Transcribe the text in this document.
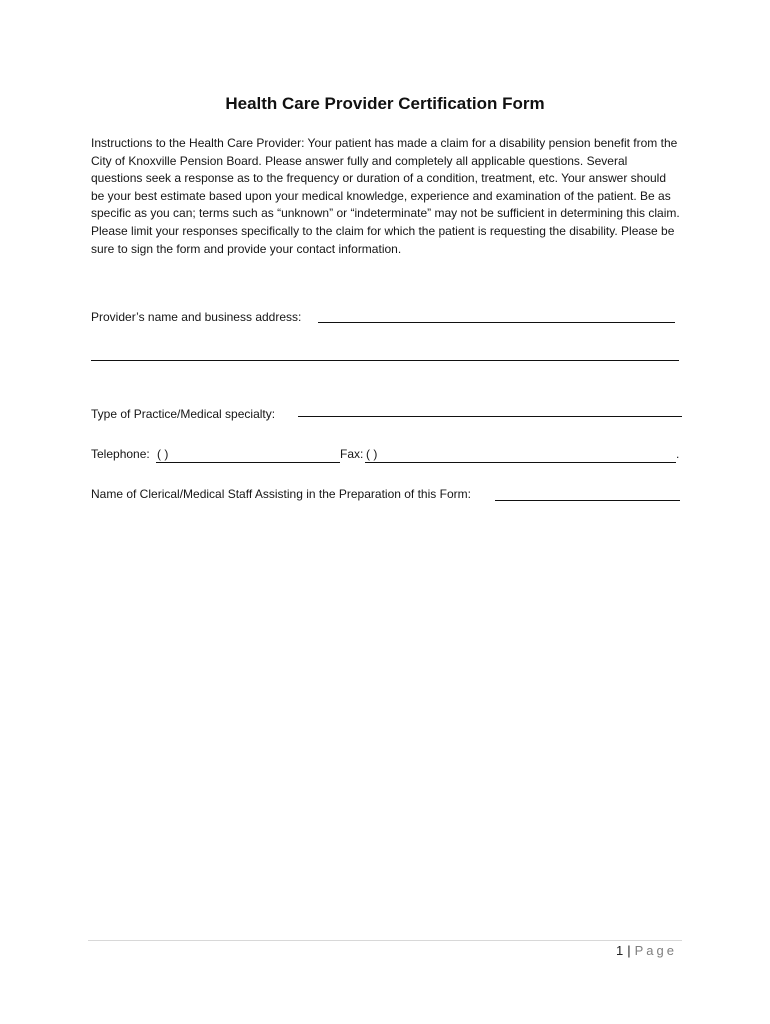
Health Care Provider Certification Form
Instructions to the Health Care Provider: Your patient has made a claim for a disability pension benefit from the City of Knoxville Pension Board. Please answer fully and completely all applicable questions. Several questions seek a response as to the frequency or duration of a condition, treatment, etc. Your answer should be your best estimate based upon your medical knowledge, experience and examination of the patient. Be as specific as you can; terms such as “unknown” or “indeterminate” may not be sufficient in determining this claim. Please limit your responses specifically to the claim for which the patient is requesting the disability. Please be sure to sign the form and provide your contact information.
Provider’s name and business address:
Type of Practice/Medical specialty:
Telephone: ( )	Fax: ( )	.
Name of Clerical/Medical Staff Assisting in the Preparation of this Form:
1 | Page
